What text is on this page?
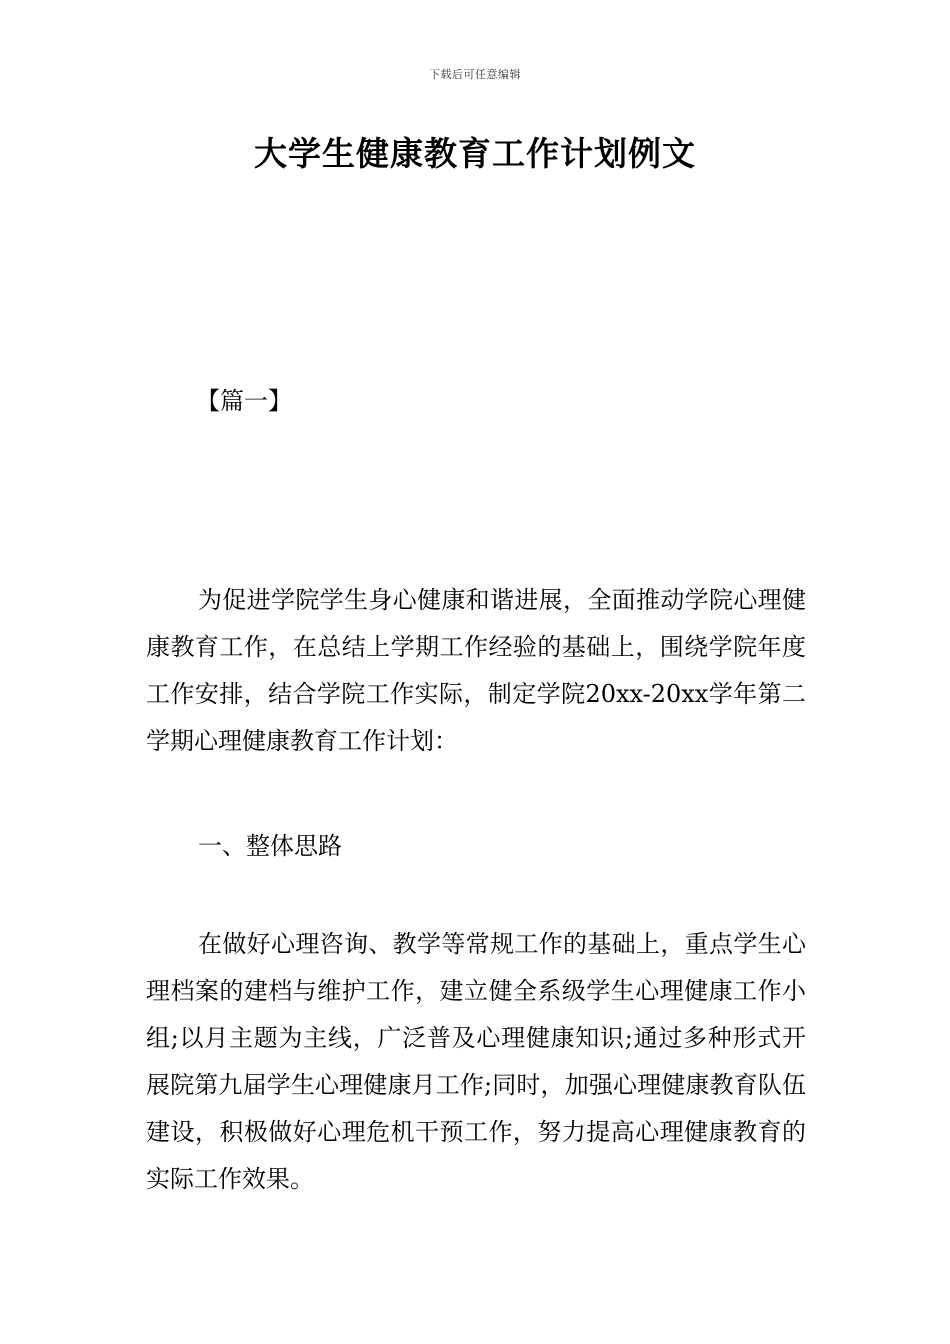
下载后可任意编辑
大学生健康教育工作计划例文
【篇一】

为促进学院学生身心健康和谐进展，全面推动学院心理健康教育工作，在总结上学期工作经验的基础上，围绕学院年度工作安排，结合学院工作实际，制定学院20xx-20xx学年第二学期心理健康教育工作计划：

一、整体思路

在做好心理咨询、教学等常规工作的基础上，重点学生心理档案的建档与维护工作，建立健全系级学生心理健康工作小组;以月主题为主线，广泛普及心理健康知识;通过多种形式开展院第九届学生心理健康月工作;同时，加强心理健康教育队伍建设，积极做好心理危机干预工作，努力提高心理健康教育的实际工作效果。
